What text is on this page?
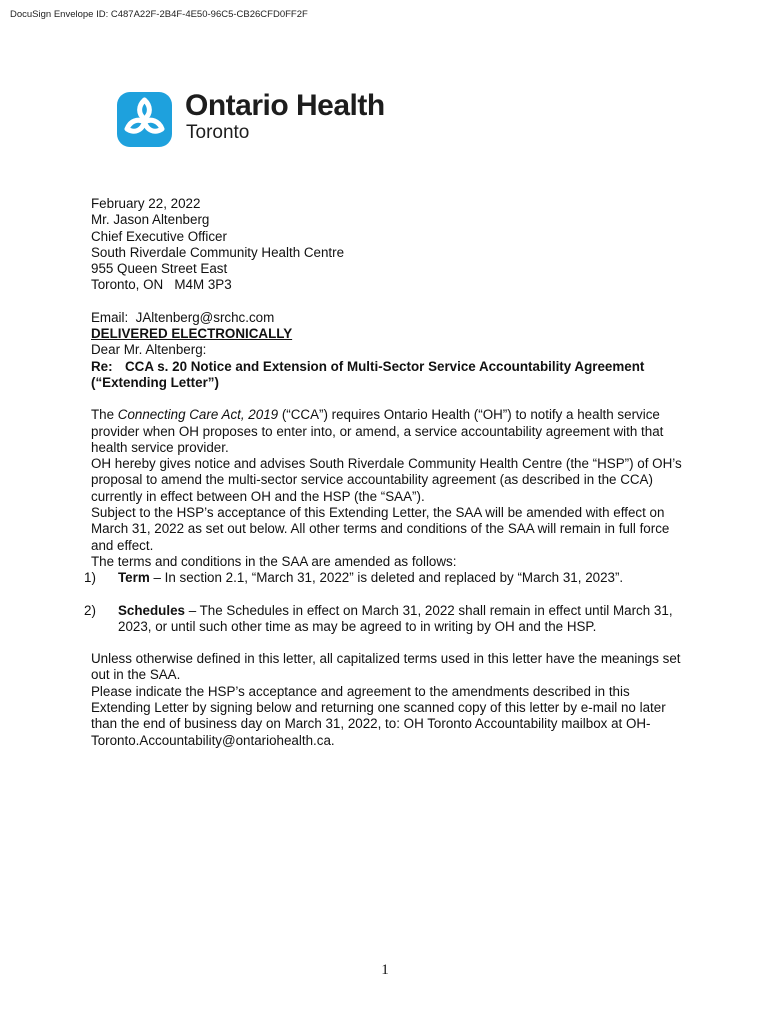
DocuSign Envelope ID: C487A22F-2B4F-4E50-96C5-CB26CFD0FF2F
Ontario Health
Toronto

February 22, 2022

Mr. Jason Altenberg

Chief Executive Officer

South Riverdale Community Health Centre

955 Queen Street East

Toronto, ON   M4M 3P3

Email:  JAltenberg@srchc.com

DELIVERED ELECTRONICALLY

Dear Mr. Altenberg:

Re: CCA s. 20 Notice and Extension of Multi-Sector Service Accountability Agreement

(“Extending Letter”)

The Connecting Care Act, 2019 (“CCA”) requires Ontario Health (“OH”) to notify a health service provider when OH proposes to enter into, or amend, a service accountability agreement with that health service provider.

OH hereby gives notice and advises South Riverdale Community Health Centre (the “HSP”) of OH’s proposal to amend the multi-sector service accountability agreement (as described in the CCA) currently in effect between OH and the HSP (the “SAA”).

Subject to the HSP’s acceptance of this Extending Letter, the SAA will be amended with effect on March 31, 2022 as set out below. All other terms and conditions of the SAA will remain in full force and effect.

The terms and conditions in the SAA are amended as follows:

1) Term – In section 2.1, “March 31, 2022” is deleted and replaced by “March 31, 2023”.
2) Schedules – The Schedules in effect on March 31, 2022 shall remain in effect until March 31, 2023, or until such other time as may be agreed to in writing by OH and the HSP.

Unless otherwise defined in this letter, all capitalized terms used in this letter have the meanings set out in the SAA.

Please indicate the HSP’s acceptance and agreement to the amendments described in this Extending Letter by signing below and returning one scanned copy of this letter by e-mail no later than the end of business day on March 31, 2022, to: OH Toronto Accountability mailbox at OH-Toronto.Accountability@ontariohealth.ca.

1
